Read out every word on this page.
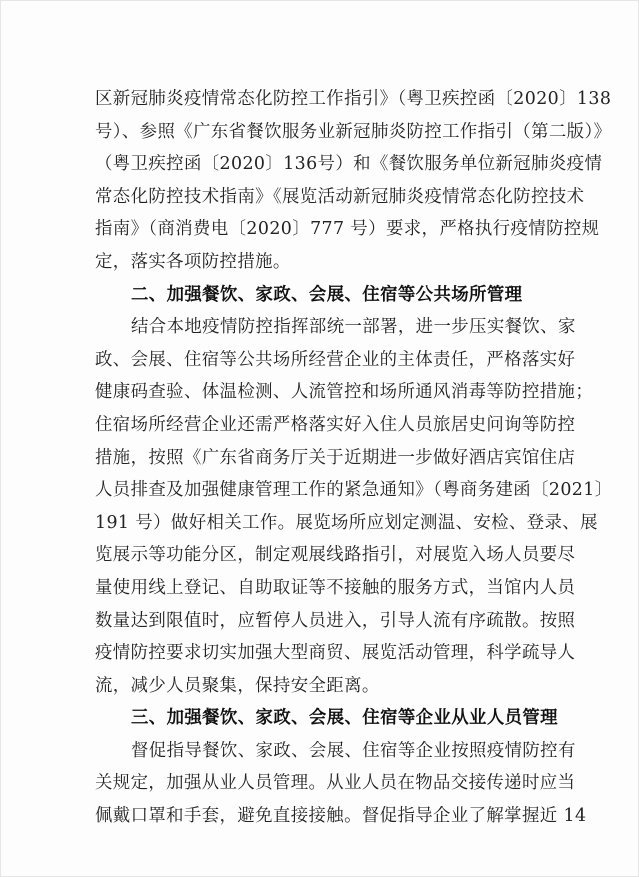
区新冠肺炎疫情常态化防控工作指引》（粤卫疾控函〔2020〕138
号）、参照《广东省餐饮服务业新冠肺炎防控工作指引（第二版）》
（粤卫疾控函〔2020〕136号）和《餐饮服务单位新冠肺炎疫情
常态化防控技术指南》《展览活动新冠肺炎疫情常态化防控技术
指南》（商消费电〔2020〕777 号）要求，严格执行疫情防控规
定，落实各项防控措施。
二、加强餐饮、家政、会展、住宿等公共场所管理
结合本地疫情防控指挥部统一部署，进一步压实餐饮、家
政、会展、住宿等公共场所经营企业的主体责任，严格落实好
健康码查验、体温检测、人流管控和场所通风消毒等防控措施；
住宿场所经营企业还需严格落实好入住人员旅居史问询等防控
措施，按照《广东省商务厅关于近期进一步做好酒店宾馆住店
人员排查及加强健康管理工作的紧急通知》（粤商务建函〔2021〕
191 号）做好相关工作。展览场所应划定测温、安检、登录、展
览展示等功能分区，制定观展线路指引，对展览入场人员要尽
量使用线上登记、自助取证等不接触的服务方式，当馆内人员
数量达到限值时，应暂停人员进入，引导人流有序疏散。按照
疫情防控要求切实加强大型商贸、展览活动管理，科学疏导人
流，减少人员聚集，保持安全距离。
三、加强餐饮、家政、会展、住宿等企业从业人员管理
督促指导餐饮、家政、会展、住宿等企业按照疫情防控有
关规定，加强从业人员管理。从业人员在物品交接传递时应当
佩戴口罩和手套，避免直接接触。督促指导企业了解掌握近 14
